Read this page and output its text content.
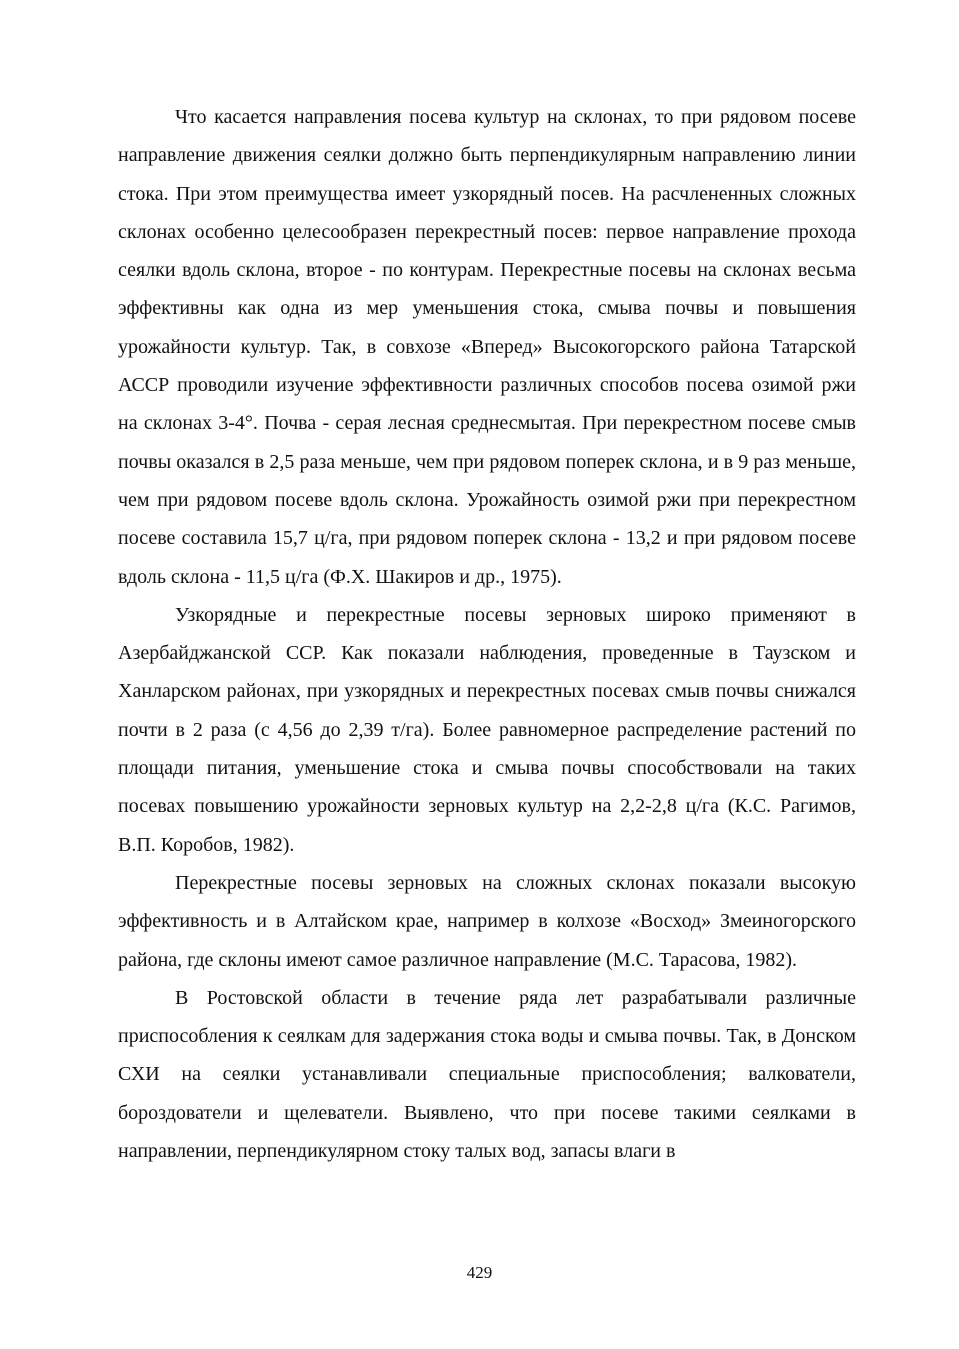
Что касается направления посева культур на склонах, то при рядовом посеве направление движения сеялки должно быть перпендикулярным направлению линии стока. При этом преимущества имеет узкорядный посев. На расчлененных сложных склонах особенно целесообразен перекрестный посев: первое направление прохода сеялки вдоль склона, второе - по контурам. Перекрестные посевы на склонах весьма эффективны как одна из мер уменьшения стока, смыва почвы и повышения урожайности культур. Так, в совхозе «Вперед» Высокогорского района Татарской АССР проводили изучение эффективности различных способов посева озимой ржи на склонах 3-4°. Почва - серая лесная среднесмытая. При перекрестном посеве смыв почвы оказался в 2,5 раза меньше, чем при рядовом поперек склона, и в 9 раз меньше, чем при рядовом посеве вдоль склона. Урожайность озимой ржи при перекрестном посеве составила 15,7 ц/га, при рядовом поперек склона - 13,2 и при рядовом посеве вдоль склона - 11,5 ц/га (Ф.Х. Шакиров и др., 1975).

Узкорядные и перекрестные посевы зерновых широко применяют в Азербайджанской ССР. Как показали наблюдения, проведенные в Таузском и Ханларском районах, при узкорядных и перекрестных посевах смыв почвы снижался почти в 2 раза (с 4,56 до 2,39 т/га). Более равномерное распределение растений по площади питания, уменьшение стока и смыва почвы способствовали на таких посевах повышению урожайности зерновых культур на 2,2-2,8 ц/га (К.С. Рагимов, В.П. Коробов, 1982).

Перекрестные посевы зерновых на сложных склонах показали высокую эффективность и в Алтайском крае, например в колхозе «Восход» Змеиногорского района, где склоны имеют самое различное направление (М.С. Тарасова, 1982).

В Ростовской области в течение ряда лет разрабатывали различные приспособления к сеялкам для задержания стока воды и смыва почвы. Так, в Донском СХИ на сеялки устанавливали специальные приспособления; валкователи, бороздователи и щелеватели. Выявлено, что при посеве такими сеялками в направлении, перпендикулярном стоку талых вод, запасы влаги в

429
